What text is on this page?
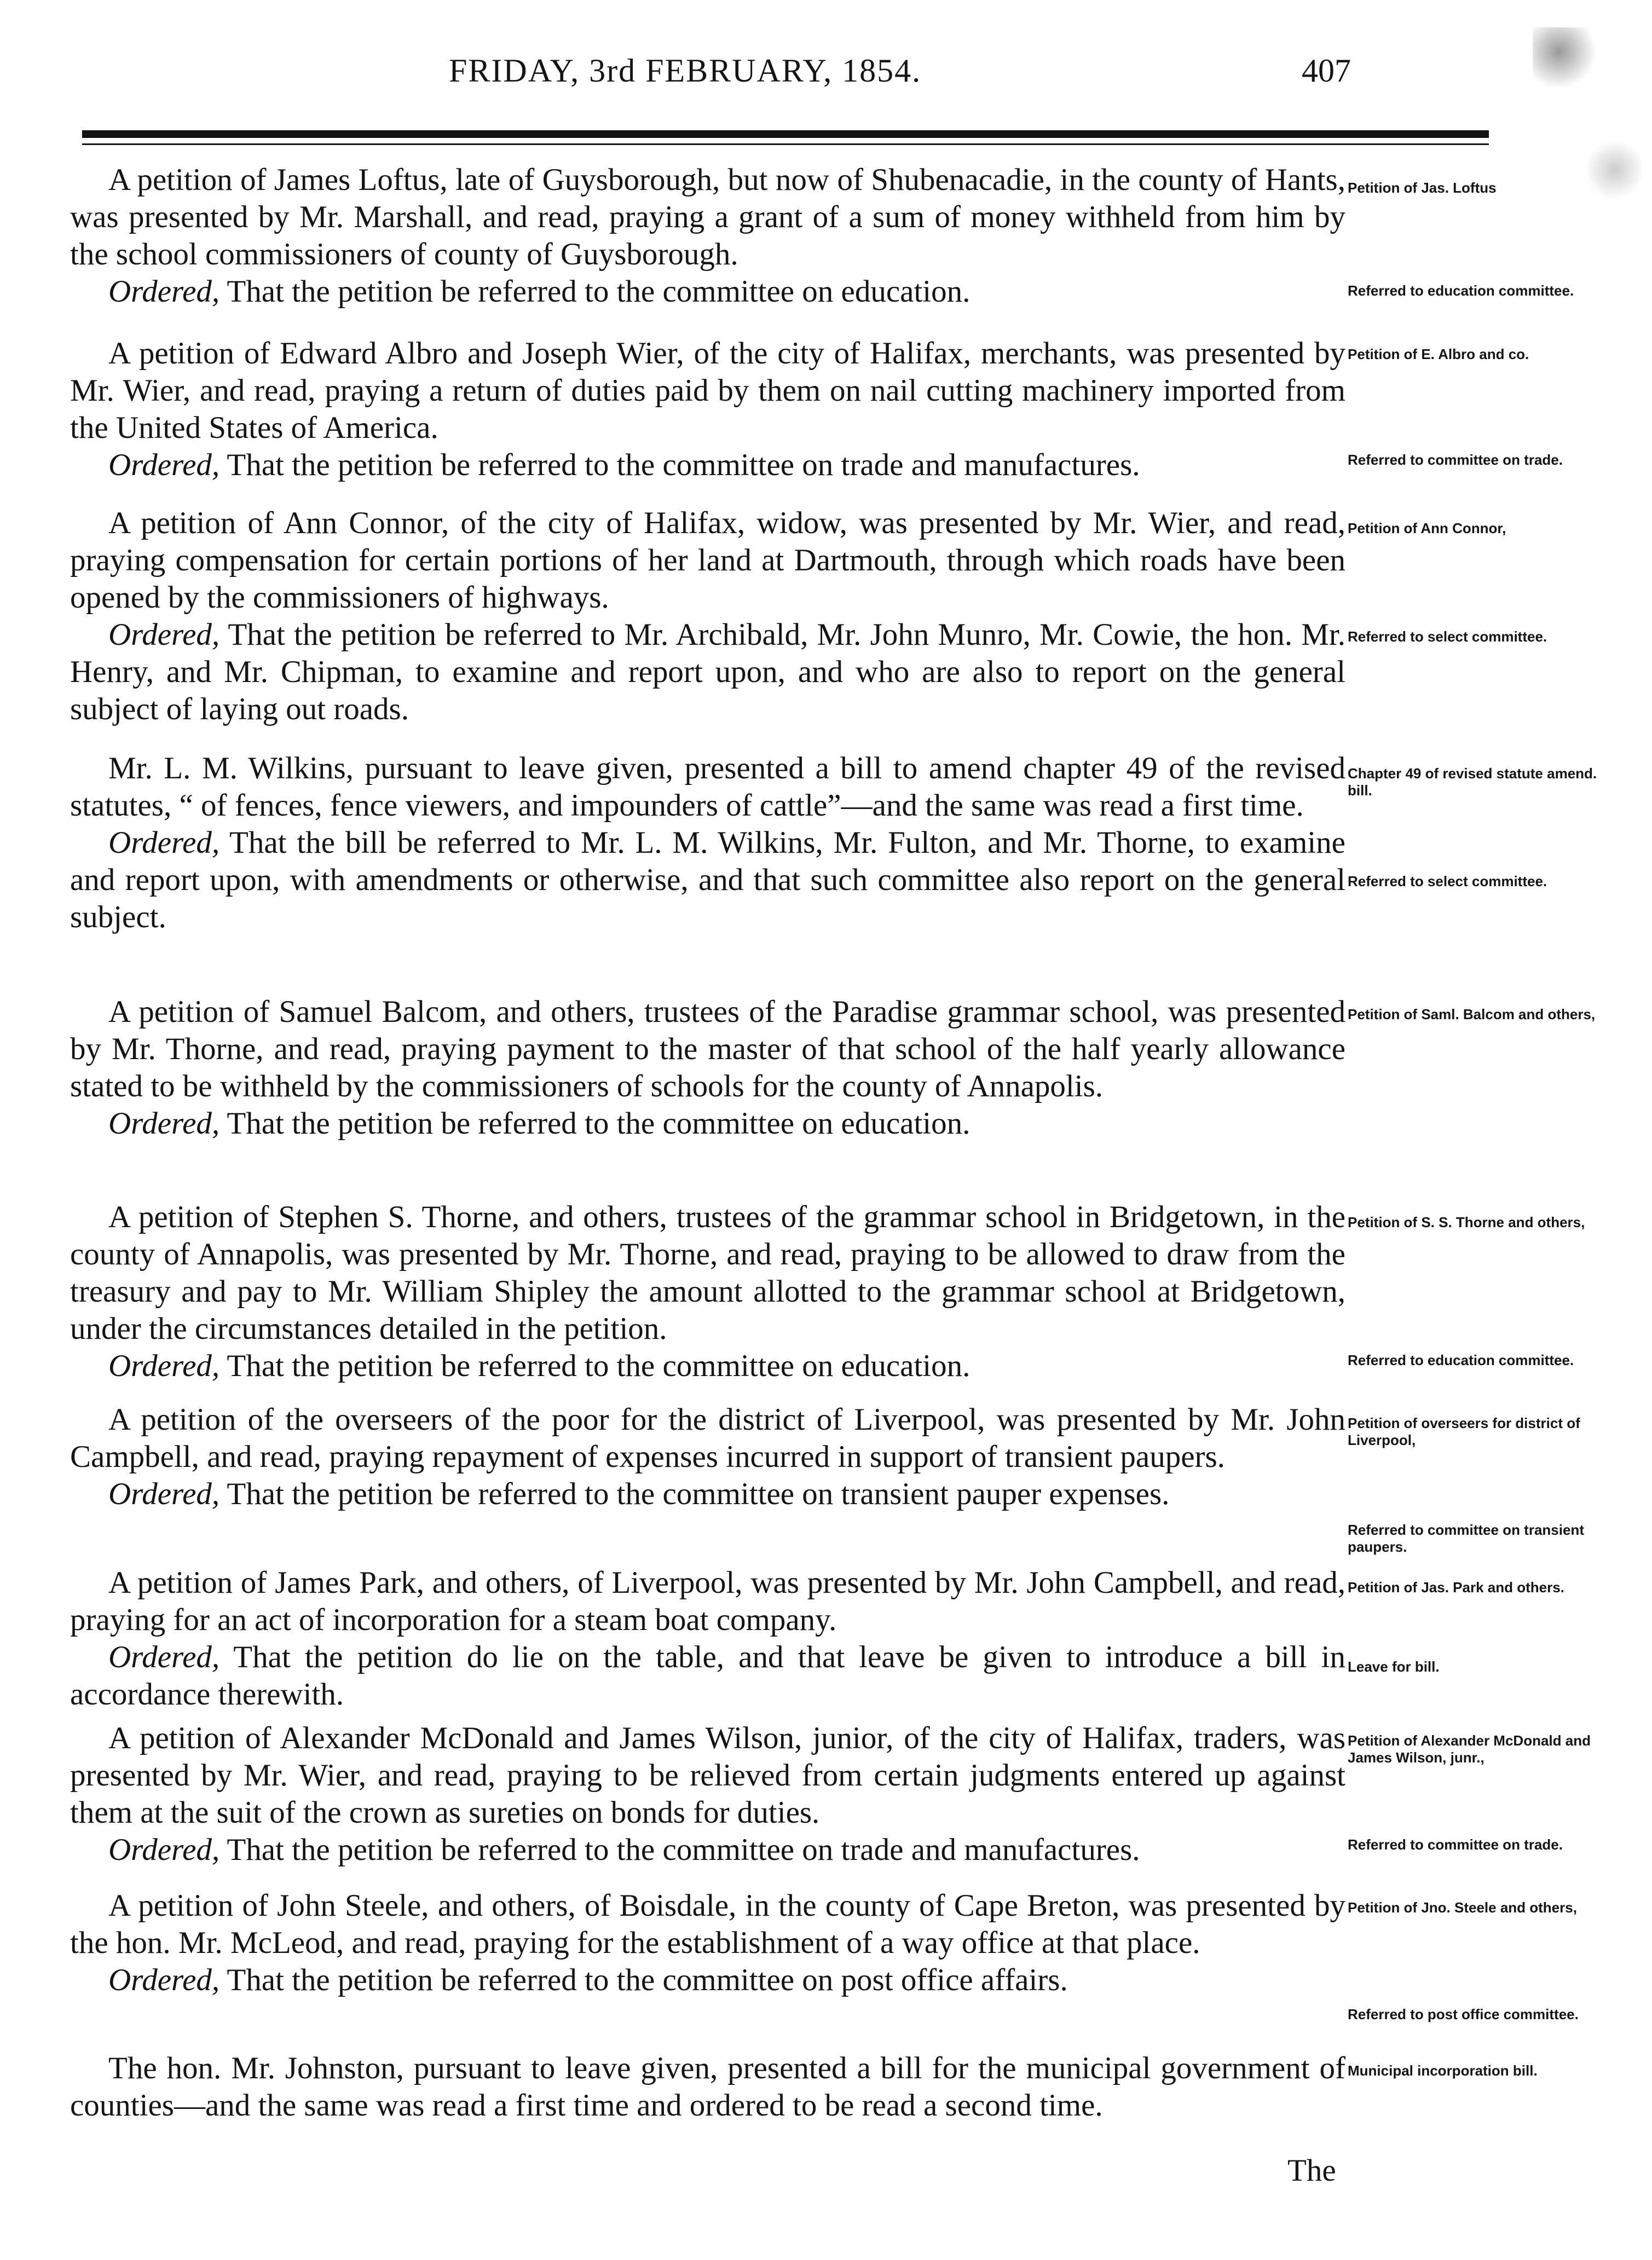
FRIDAY, 3rd FEBRUARY, 1854.	407

A petition of James Loftus, late of Guysborough, but now of Shubenacadie, in the county of Hants, was presented by Mr. Marshall, and read, praying a grant of a sum of money withheld from him by the school commissioners of county of Guysborough.

Ordered, That the petition be referred to the committee on education.

Petition of Jas. Loftus
Referred to education committee.

A petition of Edward Albro and Joseph Wier, of the city of Halifax, merchants, was presented by Mr. Wier, and read, praying a return of duties paid by them on nail cutting machinery imported from the United States of America.

Ordered, That the petition be referred to the committee on trade and manufactures.

Petition of E. Albro and co.
Referred to committee on trade.

A petition of Ann Connor, of the city of Halifax, widow, was presented by Mr. Wier, and read, praying compensation for certain portions of her land at Dartmouth, through which roads have been opened by the commissioners of highways.

Ordered, That the petition be referred to Mr. Archibald, Mr. John Munro, Mr. Cowie, the hon. Mr. Henry, and Mr. Chipman, to examine and report upon, and who are also to report on the general subject of laying out roads.

Petition of Ann Connor,
Referred to select committee.

Mr. L. M. Wilkins, pursuant to leave given, presented a bill to amend chapter 49 of the revised statutes, “ of fences, fence viewers, and impounders of cattle”—and the same was read a first time.

Ordered, That the bill be referred to Mr. L. M. Wilkins, Mr. Fulton, and Mr. Thorne, to examine and report upon, with amendments or otherwise, and that such committee also report on the general subject.

Chapter 49 of revised statute amend. bill.
Referred to select committee.

A petition of Samuel Balcom, and others, trustees of the Paradise grammar school, was presented by Mr. Thorne, and read, praying payment to the master of that school of the half yearly allowance stated to be withheld by the commissioners of schools for the county of Annapolis.

Ordered, That the petition be referred to the committee on education.

Petition of Saml. Balcom and others,

A petition of Stephen S. Thorne, and others, trustees of the grammar school in Bridgetown, in the county of Annapolis, was presented by Mr. Thorne, and read, praying to be allowed to draw from the treasury and pay to Mr. William Shipley the amount allotted to the grammar school at Bridgetown, under the circumstances detailed in the petition.

Ordered, That the petition be referred to the committee on education.

Petition of S. S. Thorne and others,
Referred to education committee.

A petition of the overseers of the poor for the district of Liverpool, was presented by Mr. John Campbell, and read, praying repayment of expenses incurred in support of transient paupers.

Ordered, That the petition be referred to the committee on transient pauper expenses.

Petition of overseers for district of Liverpool,
Referred to committee on transient paupers.

A petition of James Park, and others, of Liverpool, was presented by Mr. John Campbell, and read, praying for an act of incorporation for a steam boat company.

Ordered, That the petition do lie on the table, and that leave be given to introduce a bill in accordance therewith.

Petition of Jas. Park and others.
Leave for bill.

A petition of Alexander McDonald and James Wilson, junior, of the city of Halifax, traders, was presented by Mr. Wier, and read, praying to be relieved from certain judgments entered up against them at the suit of the crown as sureties on bonds for duties.

Ordered, That the petition be referred to the committee on trade and manufactures.

Petition of Alexander McDonald and James Wilson, junr.,
Referred to committee on trade.

A petition of John Steele, and others, of Boisdale, in the county of Cape Breton, was presented by the hon. Mr. McLeod, and read, praying for the establishment of a way office at that place.

Ordered, That the petition be referred to the committee on post office affairs.

Petition of Jno. Steele and others,
Referred to post office committee.

The hon. Mr. Johnston, pursuant to leave given, presented a bill for the municipal government of counties—and the same was read a first time and ordered to be read a second time.

Municipal incorporation bill.
The
